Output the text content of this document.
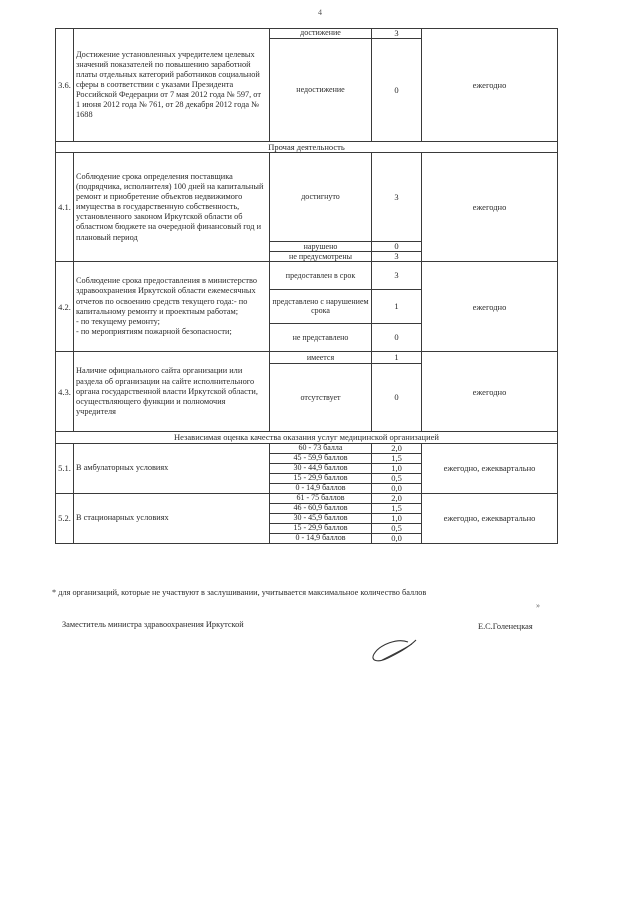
4
3.6.	Достижение установленных учредителем целевых значений показателей по повышению заработной платы отдельных категорий работников социальной сферы в соответствии с указами Президента Российской Федерации от 7 мая 2012 года № 597, от 1 июня 2012 года № 761, от 28 декабря 2012 года № 1688	достижение	3	ежегодно
		недостижение	0	
Прочая деятельность				
4.1.	Соблюдение срока определения поставщика (подрядчика, исполнителя) 100 дней на капитальный ремонт и приобретение объектов недвижимого имущества в государственную собственность, установленного законом Иркутской области об областном бюджете на очередной финансовый год и плановый период	достигнуто	3	ежегодно
		нарушено	0	
		не предусмотрены	3	
4.2.	Соблюдение срока предоставления в министерство здравоохранения Иркутской области ежемесячных отчетов по освоению средств текущего года:- по капитальному ремонту и проектным работам;
- по текущему ремонту;
- по мероприятиям пожарной безопасности;	предоставлен в срок	3	ежегодно
		представлено с нарушением срока	1	
		не представлено	0	
4.3.	Наличие официального сайта организации или раздела об организации на сайте исполнительного органа государственной власти Иркутской области, осуществляющего функции и полномочия учредителя	имеется	1	ежегодно
		отсутствует	0	
Независимая оценка качества оказания услуг медицинской организацией				
5.1.	В амбулаторных условиях	60 - 73 балла	2,0	ежегодно, ежеквартально
		45 - 59,9 баллов	1,5	
		30 - 44,9 баллов	1,0	
		15 - 29,9 баллов	0,5	
		0 - 14,9 баллов	0,0	
5.2.	В стационарных условиях	61 - 75 баллов	2,0	ежегодно, ежеквартально
		46 - 60,9 баллов	1,5	
		30 - 45,9 баллов	1,0	
		15 - 29,9 баллов	0,5	
		0 - 14,9 баллов	0,0	
* для организаций, которые не участвуют в заслушивании, учитывается максимальное количество баллов
»
Заместитель министра здравоохранения Иркутской	Е.С.Голенецкая
